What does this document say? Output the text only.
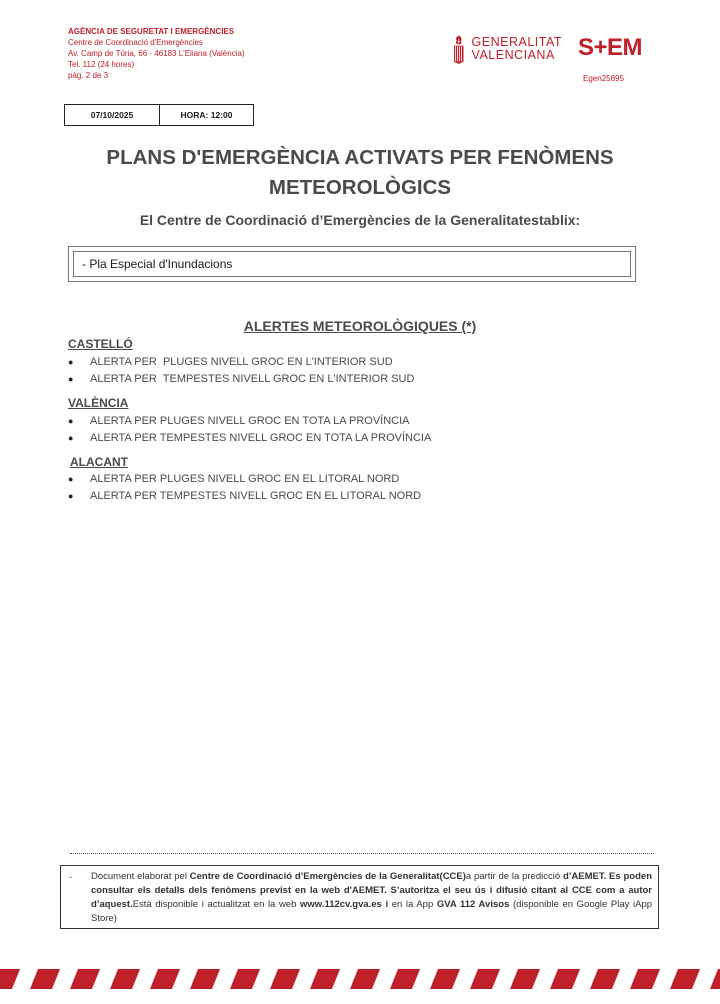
AGÈNCIA DE SEGURETAT I EMERGÈNCIES
Centre de Coordinació d'Emergències
Av. Camp de Túria, 66 · 46183 L'Eliana (València)
Tel. 112 (24 hores)
pàg. 2 de 3
GENERALITAT
VALENCIANA S+EM
Egen25895
07/10/2025	HORA: 12:00
PLANS D'EMERGÈNCIA ACTIVATS PER FENÒMENS
METEOROLÒGICS
El Centre de Coordinació d’Emergències de la Generalitatestablix:
- Pla Especial d'Inundacions
ALERTES METEOROLÒGIQUES (*)
CASTELLÓ
●	ALERTA PER  PLUGES NIVELL GROC EN L'INTERIOR SUD
●	ALERTA PER  TEMPESTES NIVELL GROC EN L'INTERIOR SUD
VALÈNCIA
●	ALERTA PER PLUGES NIVELL GROC EN TOTA LA PROVÍNCIA
●	ALERTA PER TEMPESTES NIVELL GROC EN TOTA LA PROVÍNCIA
ALACANT
●	ALERTA PER PLUGES NIVELL GROC EN EL LITORAL NORD
●	ALERTA PER TEMPESTES NIVELL GROC EN EL LITORAL NORD
- Document elaborat pel Centre de Coordinació d’Emergències de la Generalitat(CCE)a partir de la predicció d’AEMET. Es poden consultar els detalls dels fenòmens previst en la web d'AEMET. S’autoritza el seu ús i difusió citant al CCE com a autor d’aquest.Està disponible i actualitzat en la web www.112cv.gva.es i en la App GVA 112 Avisos (disponible en Google Play iApp Store)
